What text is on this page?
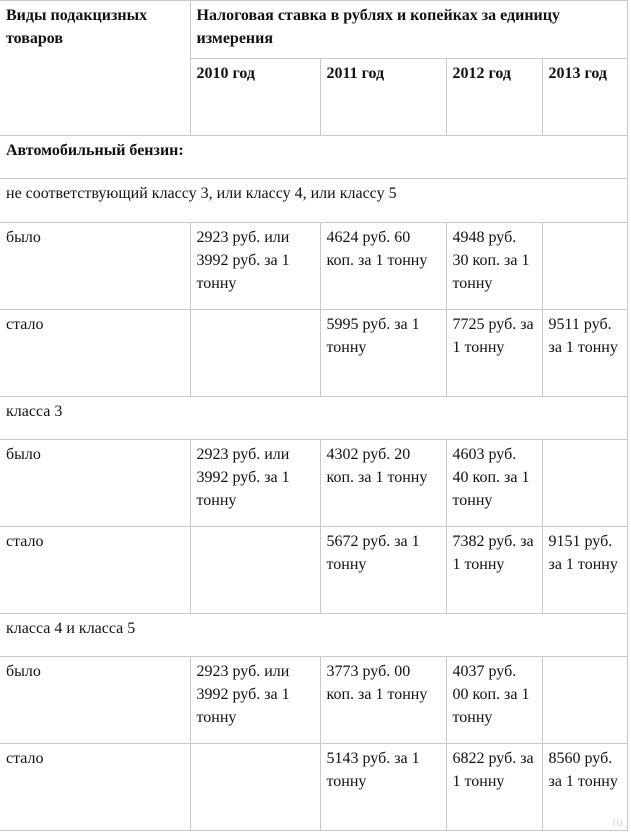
Виды подакцизных товаров	Налоговая ставка в рублях и копейках за единицу измерения			
	2010 год	2011 год	2012 год	2013 год
Автомобильный бензин:				
не соответствующий классу 3, или классу 4, или классу 5				
было	2923 руб. или 3992 руб. за 1 тонну	4624 руб. 60 коп. за 1 тонну	4948 руб. 30 коп. за 1 тонну	
стало		5995 руб. за 1 тонну	7725 руб. за 1 тонну	9511 руб. за 1 тонну
класса 3				
было	2923 руб. или 3992 руб. за 1 тонну	4302 руб. 20 коп. за 1 тонну	4603 руб. 40 коп. за 1 тонну	
стало		5672 руб. за 1 тонну	7382 руб. за 1 тонну	9151 руб. за 1 тонну
класса 4 и класса 5				
было	2923 руб. или 3992 руб. за 1 тонну	3773 руб. 00 коп. за 1 тонну	4037 руб. 00 коп. за 1 тонну	
стало		5143 руб. за 1 тонну	6822 руб. за 1 тонну	8560 руб. за 1 тонну
ru
